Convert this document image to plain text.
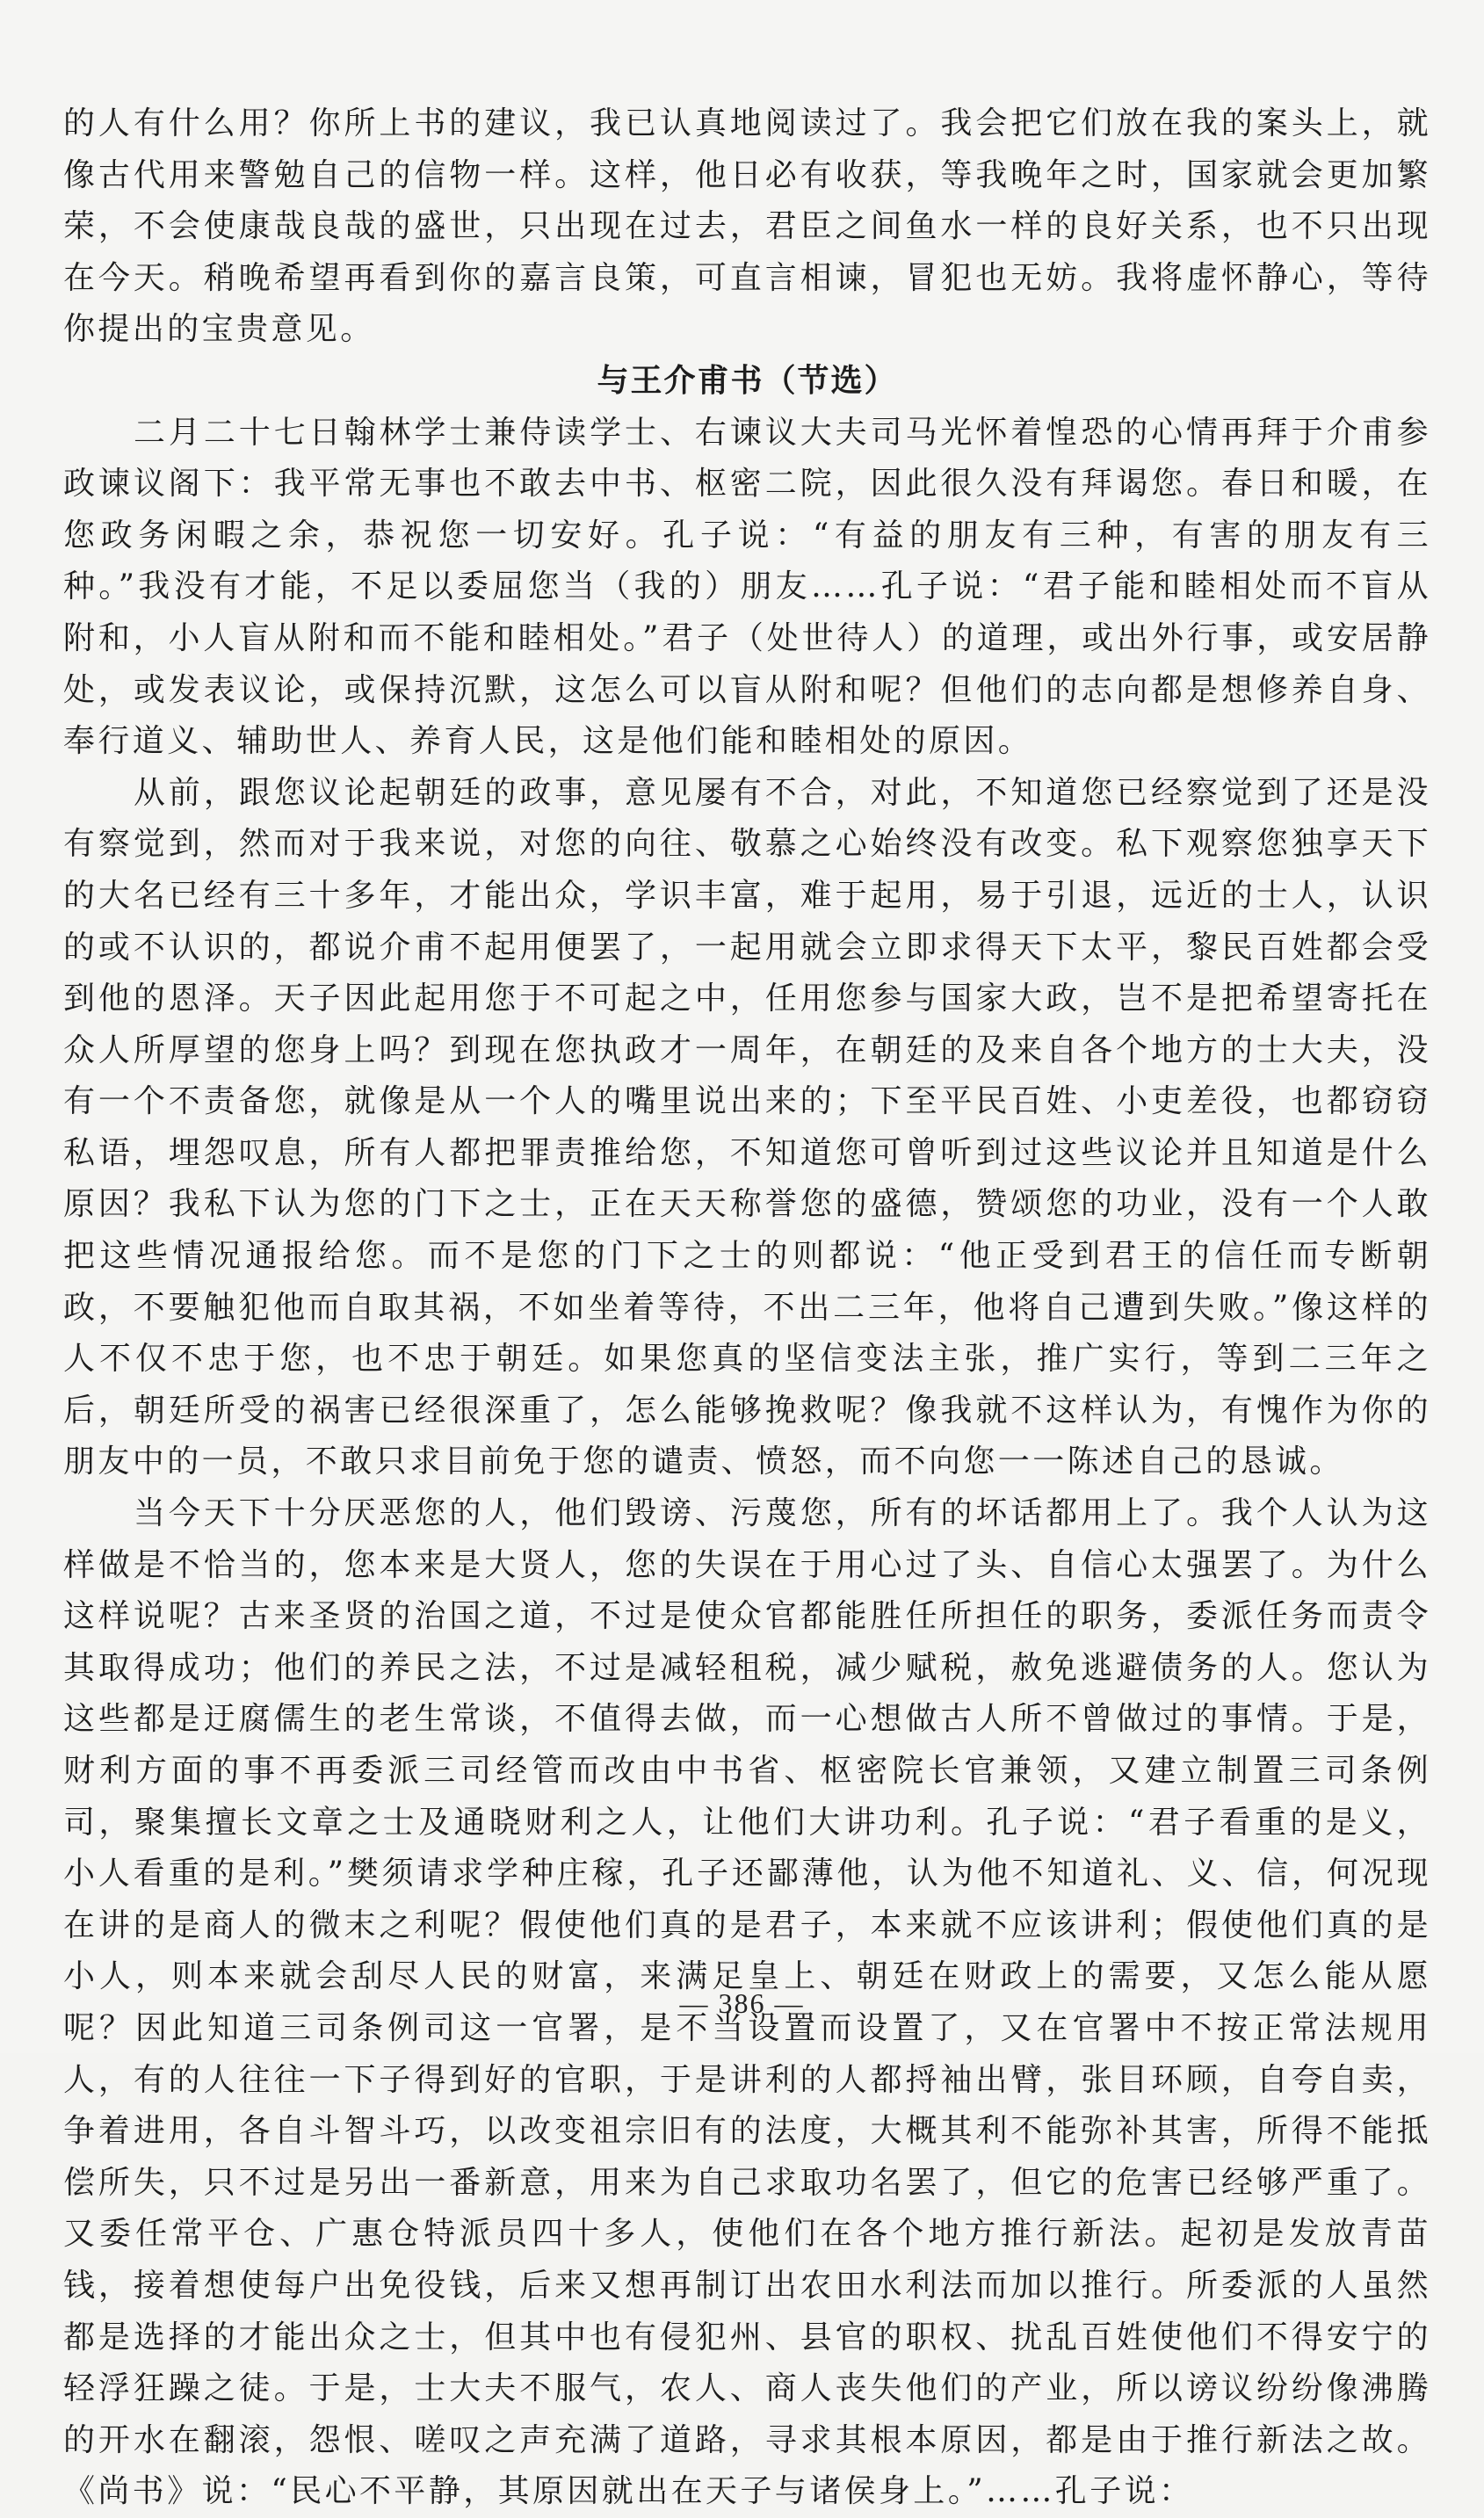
的人有什么用？你所上书的建议，我已认真地阅读过了。我会把它们放在我的案头上，就像古代用来警勉自己的信物一样。这样，他日必有收获，等我晚年之时，国家就会更加繁荣，不会使康哉良哉的盛世，只出现在过去，君臣之间鱼水一样的良好关系，也不只出现在今天。稍晚希望再看到你的嘉言良策，可直言相谏，冒犯也无妨。我将虚怀静心，等待你提出的宝贵意见。

与王介甫书（节选）

二月二十七日翰林学士兼侍读学士、右谏议大夫司马光怀着惶恐的心情再拜于介甫参政谏议阁下：我平常无事也不敢去中书、枢密二院，因此很久没有拜谒您。春日和暖，在您政务闲暇之余，恭祝您一切安好。孔子说：“有益的朋友有三种，有害的朋友有三种。”我没有才能，不足以委屈您当（我的）朋友……孔子说：“君子能和睦相处而不盲从附和，小人盲从附和而不能和睦相处。”君子（处世待人）的道理，或出外行事，或安居静处，或发表议论，或保持沉默，这怎么可以盲从附和呢？但他们的志向都是想修养自身、奉行道义、辅助世人、养育人民，这是他们能和睦相处的原因。

从前，跟您议论起朝廷的政事，意见屡有不合，对此，不知道您已经察觉到了还是没有察觉到，然而对于我来说，对您的向往、敬慕之心始终没有改变。私下观察您独享天下的大名已经有三十多年，才能出众，学识丰富，难于起用，易于引退，远近的士人，认识的或不认识的，都说介甫不起用便罢了，一起用就会立即求得天下太平，黎民百姓都会受到他的恩泽。天子因此起用您于不可起之中，任用您参与国家大政，岂不是把希望寄托在众人所厚望的您身上吗？到现在您执政才一周年，在朝廷的及来自各个地方的士大夫，没有一个不责备您，就像是从一个人的嘴里说出来的；下至平民百姓、小吏差役，也都窃窃私语，埋怨叹息，所有人都把罪责推给您，不知道您可曾听到过这些议论并且知道是什么原因？我私下认为您的门下之士，正在天天称誉您的盛德，赞颂您的功业，没有一个人敢把这些情况通报给您。而不是您的门下之士的则都说：“他正受到君王的信任而专断朝政，不要触犯他而自取其祸，不如坐着等待，不出二三年，他将自己遭到失败。”像这样的人不仅不忠于您，也不忠于朝廷。如果您真的坚信变法主张，推广实行，等到二三年之后，朝廷所受的祸害已经很深重了，怎么能够挽救呢？像我就不这样认为，有愧作为你的朋友中的一员，不敢只求目前免于您的谴责、愤怒，而不向您一一陈述自己的恳诚。

当今天下十分厌恶您的人，他们毁谤、污蔑您，所有的坏话都用上了。我个人认为这样做是不恰当的，您本来是大贤人，您的失误在于用心过了头、自信心太强罢了。为什么这样说呢？古来圣贤的治国之道，不过是使众官都能胜任所担任的职务，委派任务而责令其取得成功；他们的养民之法，不过是减轻租税，减少赋税，赦免逃避债务的人。您认为这些都是迂腐儒生的老生常谈，不值得去做，而一心想做古人所不曾做过的事情。于是，财利方面的事不再委派三司经管而改由中书省、枢密院长官兼领，又建立制置三司条例司，聚集擅长文章之士及通晓财利之人，让他们大讲功利。孔子说：“君子看重的是义，小人看重的是利。”樊须请求学种庄稼，孔子还鄙薄他，认为他不知道礼、义、信，何况现在讲的是商人的微末之利呢？假使他们真的是君子，本来就不应该讲利；假使他们真的是小人，则本来就会刮尽人民的财富，来满足皇上、朝廷在财政上的需要，又怎么能从愿呢？因此知道三司条例司这一官署，是不当设置而设置了，又在官署中不按正常法规用人，有的人往往一下子得到好的官职，于是讲利的人都捋袖出臂，张目环顾，自夸自卖，争着进用，各自斗智斗巧，以改变祖宗旧有的法度，大概其利不能弥补其害，所得不能抵偿所失，只不过是另出一番新意，用来为自己求取功名罢了，但它的危害已经够严重了。又委任常平仓、广惠仓特派员四十多人，使他们在各个地方推行新法。起初是发放青苗钱，接着想使每户出免役钱，后来又想再制订出农田水利法而加以推行。所委派的人虽然都是选择的才能出众之士，但其中也有侵犯州、县官的职权、扰乱百姓使他们不得安宁的轻浮狂躁之徒。于是，士大夫不服气，农人、商人丧失他们的产业，所以谤议纷纷像沸腾的开水在翻滚，怨恨、嗟叹之声充满了道路，寻求其根本原因，都是由于推行新法之故。《尚书》说：“民心不平静，其原因就出在天子与诸侯身上。”……孔子说：

— 386 —
